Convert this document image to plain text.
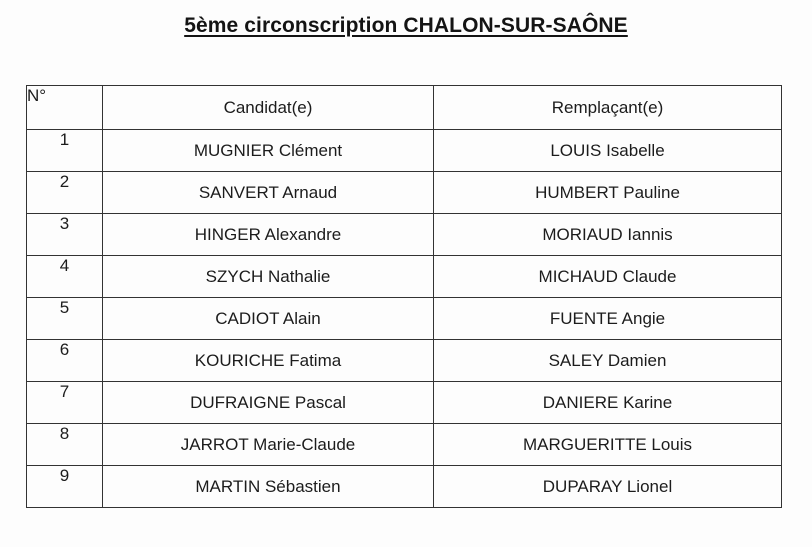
5ème circonscription CHALON-SUR-SAÔNE
N°	Candidat(e)	Remplaçant(e)
1	MUGNIER Clément	LOUIS Isabelle
2	SANVERT Arnaud	HUMBERT Pauline
3	HINGER Alexandre	MORIAUD Iannis
4	SZYCH Nathalie	MICHAUD Claude
5	CADIOT Alain	FUENTE Angie
6	KOURICHE Fatima	SALEY Damien
7	DUFRAIGNE Pascal	DANIERE Karine
8	JARROT Marie-Claude	MARGUERITTE Louis
9	MARTIN Sébastien	DUPARAY Lionel
